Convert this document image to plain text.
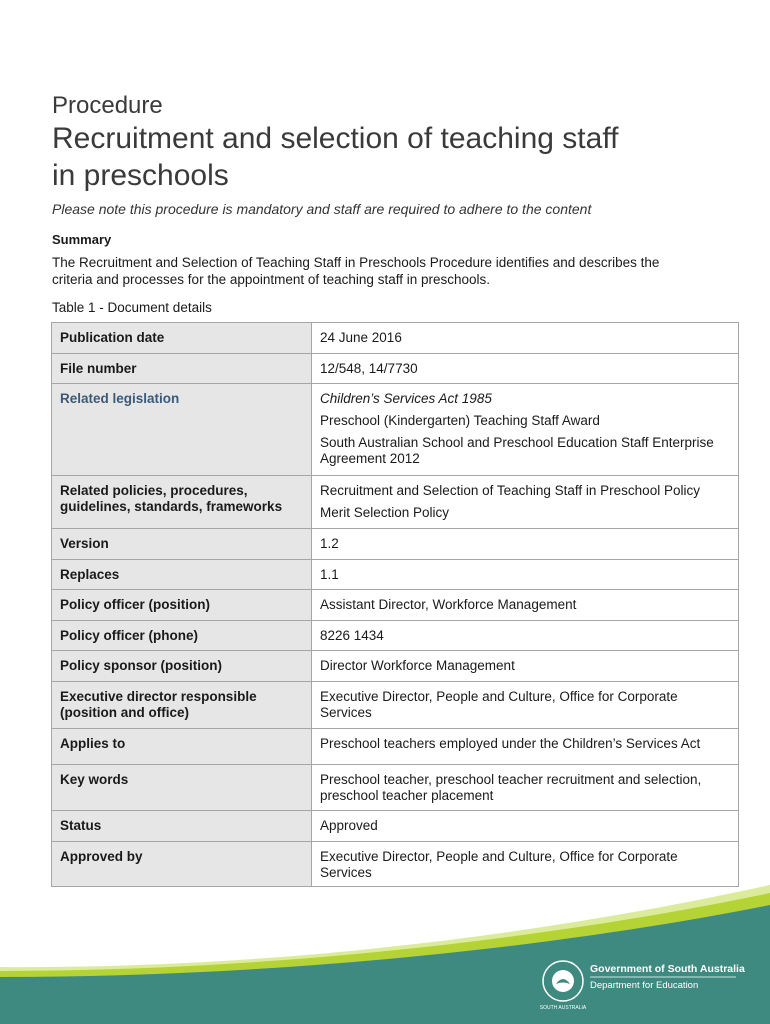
Procedure
Recruitment and selection of teaching staff
in preschools
Please note this procedure is mandatory and staff are required to adhere to the content
Summary
The Recruitment and Selection of Teaching Staff in Preschools Procedure identifies and describes the
criteria and processes for the appointment of teaching staff in preschools.
Table 1 - Document details
Publication date	24 June 2016

File number	12/548, 14/7730

Related legislation	Children’s Services Act 1985
Preschool (Kindergarten) Teaching Staff Award
South Australian School and Preschool Education Staff Enterprise Agreement 2012

Related policies, procedures, guidelines, standards, frameworks	Recruitment and Selection of Teaching Staff in Preschool Policy
Merit Selection Policy

Version	1.2

Replaces	1.1

Policy officer (position)	Assistant Director, Workforce Management

Policy officer (phone)	8226 1434

Policy sponsor (position)	Director Workforce Management

Executive director responsible (position and office)	Executive Director, People and Culture, Office for Corporate Services

Applies to	Preschool teachers employed under the Children’s Services Act

Key words	Preschool teacher, preschool teacher recruitment and selection, preschool teacher placement

Status	Approved

Approved by	Executive Director, People and Culture, Office for Corporate Services
SOUTH AUSTRALIA
Government of South Australia
Department for Education
